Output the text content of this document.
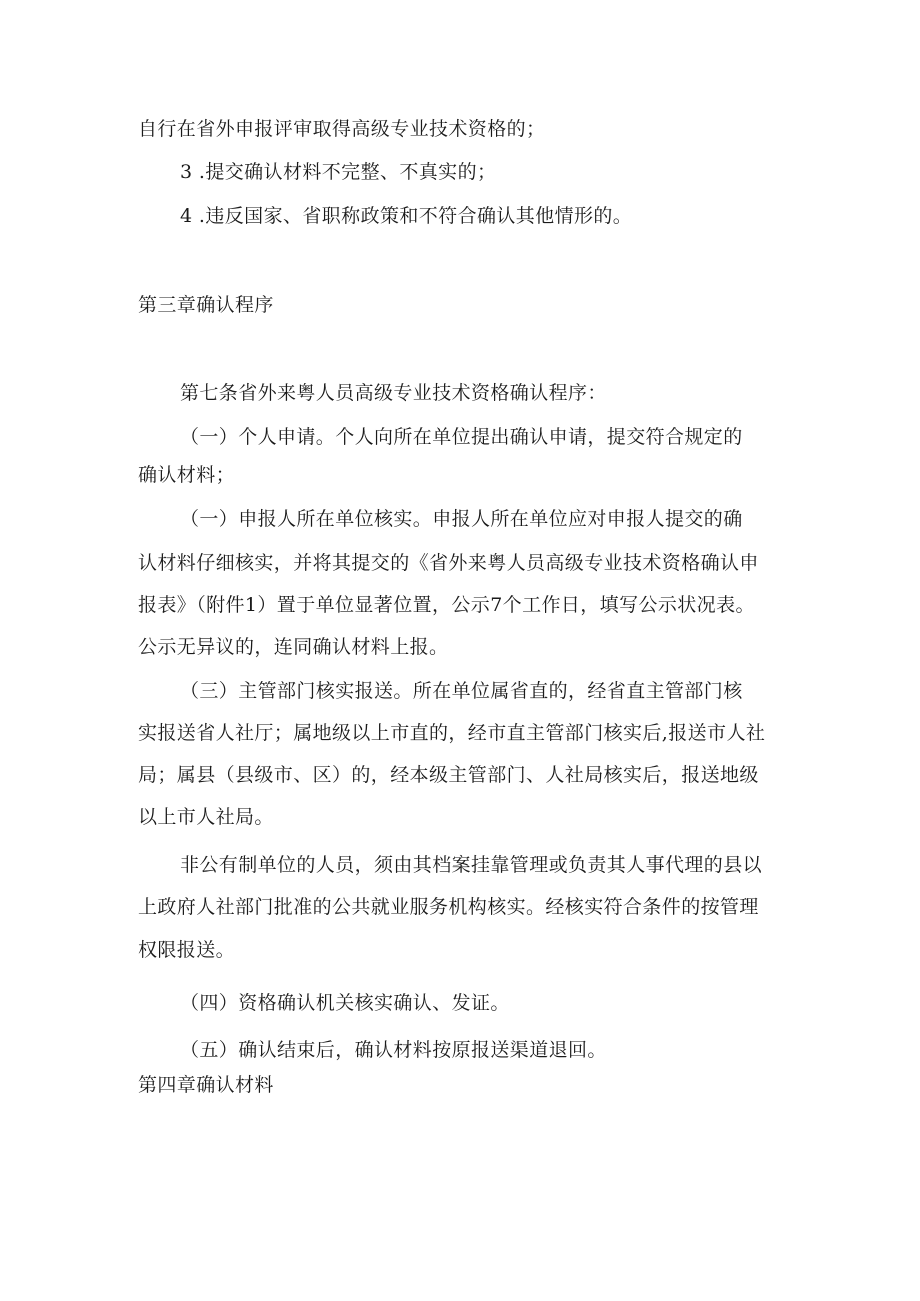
自行在省外申报评审取得高级专业技术资格的；
3 .提交确认材料不完整、不真实的；
4 .违反国家、省职称政策和不符合确认其他情形的。
第三章确认程序
第七条省外来粤人员高级专业技术资格确认程序：
（一）个人申请。个人向所在单位提出确认申请，提交符合规定的
确认材料；
（一）申报人所在单位核实。申报人所在单位应对申报人提交的确
认材料仔细核实，并将其提交的《省外来粤人员高级专业技术资格确认申
报表》（附件1）置于单位显著位置，公示7个工作日，填写公示状况表。
公示无异议的，连同确认材料上报。
（三）主管部门核实报送。所在单位属省直的，经省直主管部门核
实报送省人社厅；属地级以上市直的，经市直主管部门核实后,报送市人社
局；属县（县级市、区）的，经本级主管部门、人社局核实后，报送地级
以上市人社局。
非公有制单位的人员，须由其档案挂靠管理或负责其人事代理的县以
上政府人社部门批准的公共就业服务机构核实。经核实符合条件的按管理
权限报送。
（四）资格确认机关核实确认、发证。
（五）确认结束后，确认材料按原报送渠道退回。
第四章确认材料
